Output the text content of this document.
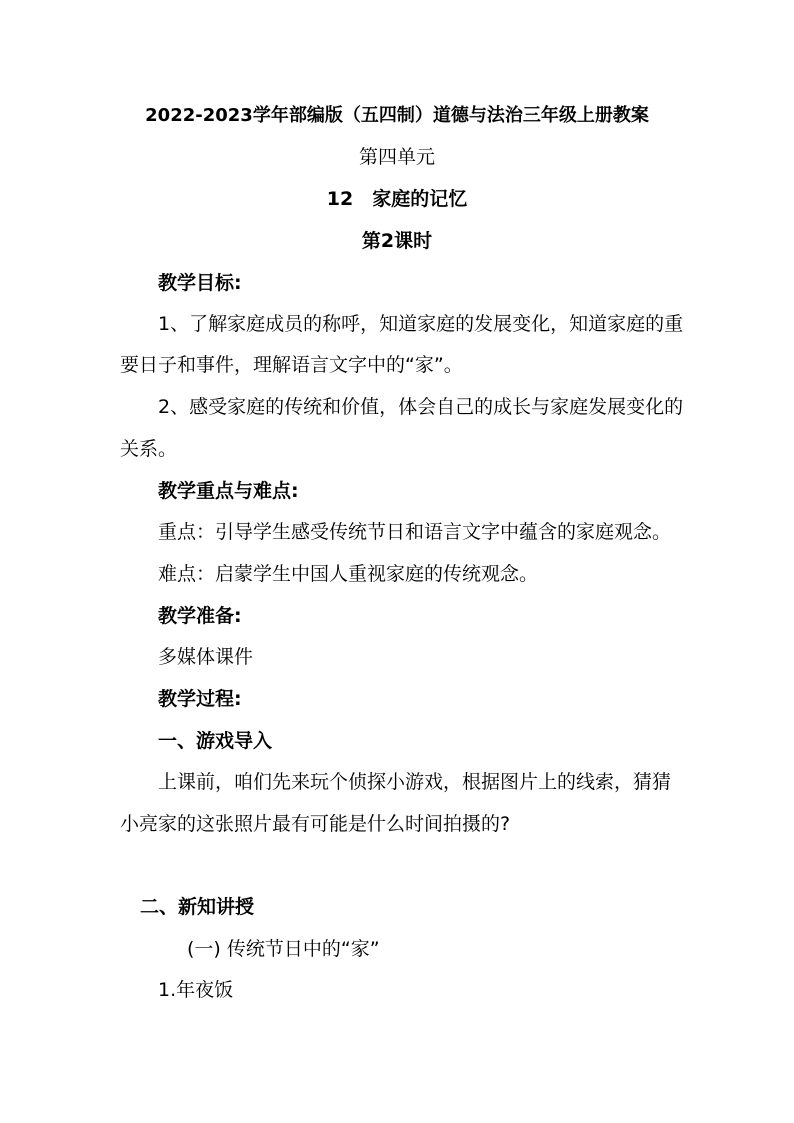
2022-2023学年部编版（五四制）道德与法治三年级上册教案
第四单元
12　家庭的记忆
第2课时
教学目标:
1、了解家庭成员的称呼，知道家庭的发展变化，知道家庭的重
要日子和事件，理解语言文字中的“家”。
2、感受家庭的传统和价值，体会自己的成长与家庭发展变化的
关系。
教学重点与难点:
重点：引导学生感受传统节日和语言文字中蕴含的家庭观念。
难点：启蒙学生中国人重视家庭的传统观念。
教学准备:
多媒体课件
教学过程:
一、游戏导入
上课前，咱们先来玩个侦探小游戏，根据图片上的线索，猜猜
小亮家的这张照片最有可能是什么时间拍摄的?
二、新知讲授
(一) 传统节日中的“家”
1.年夜饭
